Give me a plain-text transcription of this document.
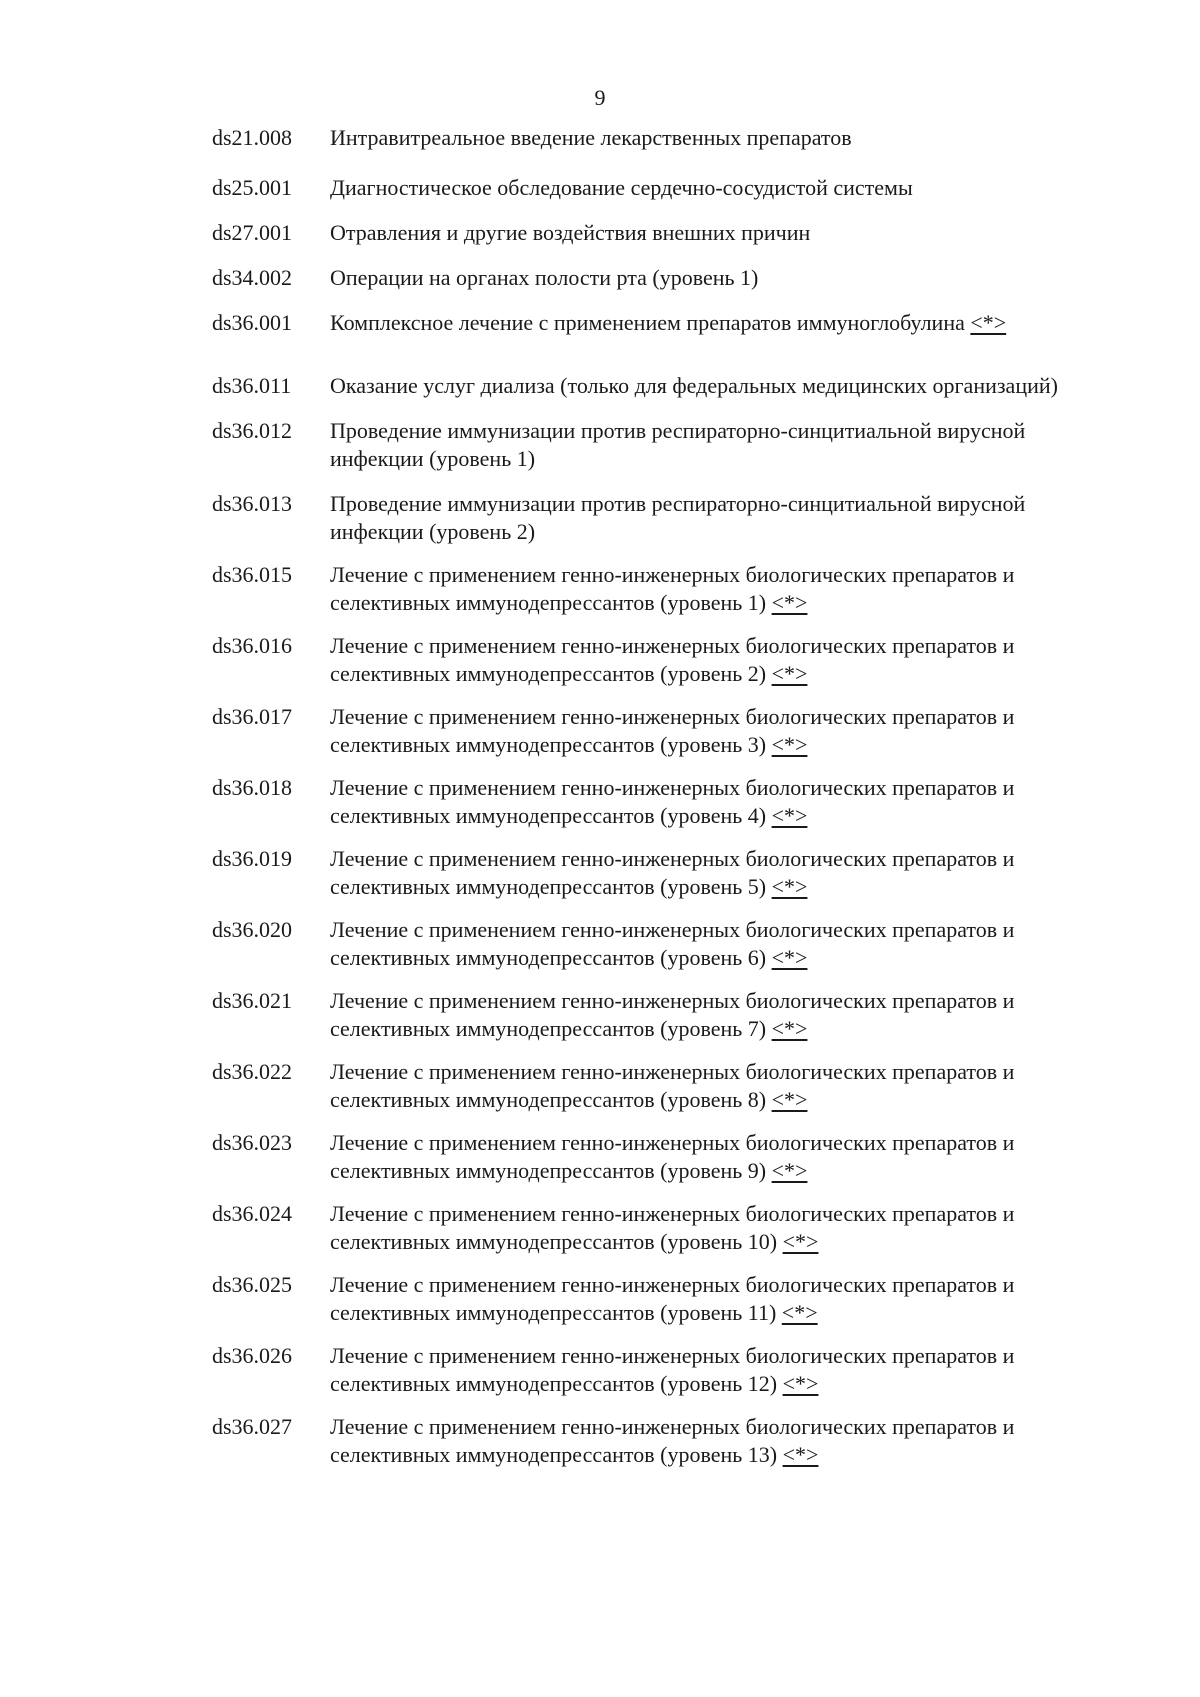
9
ds21.008	Интравитреальное введение лекарственных препаратов
ds25.001	Диагностическое обследование сердечно-сосудистой системы
ds27.001	Отравления и другие воздействия внешних причин
ds34.002	Операции на органах полости рта (уровень 1)
ds36.001	Комплексное лечение с применением препаратов иммуноглобулина <*>
ds36.011	Оказание услуг диализа (только для федеральных медицинских организаций)
ds36.012	Проведение иммунизации против респираторно-синцитиальной вирусной
инфекции (уровень 1)
ds36.013	Проведение иммунизации против респираторно-синцитиальной вирусной
инфекции (уровень 2)
ds36.015	Лечение с применением генно-инженерных биологических препаратов и
селективных иммунодепрессантов (уровень 1) <*>
ds36.016	Лечение с применением генно-инженерных биологических препаратов и
селективных иммунодепрессантов (уровень 2) <*>
ds36.017	Лечение с применением генно-инженерных биологических препаратов и
селективных иммунодепрессантов (уровень 3) <*>
ds36.018	Лечение с применением генно-инженерных биологических препаратов и
селективных иммунодепрессантов (уровень 4) <*>
ds36.019	Лечение с применением генно-инженерных биологических препаратов и
селективных иммунодепрессантов (уровень 5) <*>
ds36.020	Лечение с применением генно-инженерных биологических препаратов и
селективных иммунодепрессантов (уровень 6) <*>
ds36.021	Лечение с применением генно-инженерных биологических препаратов и
селективных иммунодепрессантов (уровень 7) <*>
ds36.022	Лечение с применением генно-инженерных биологических препаратов и
селективных иммунодепрессантов (уровень 8) <*>
ds36.023	Лечение с применением генно-инженерных биологических препаратов и
селективных иммунодепрессантов (уровень 9) <*>
ds36.024	Лечение с применением генно-инженерных биологических препаратов и
селективных иммунодепрессантов (уровень 10) <*>
ds36.025	Лечение с применением генно-инженерных биологических препаратов и
селективных иммунодепрессантов (уровень 11) <*>
ds36.026	Лечение с применением генно-инженерных биологических препаратов и
селективных иммунодепрессантов (уровень 12) <*>
ds36.027	Лечение с применением генно-инженерных биологических препаратов и
селективных иммунодепрессантов (уровень 13) <*>
